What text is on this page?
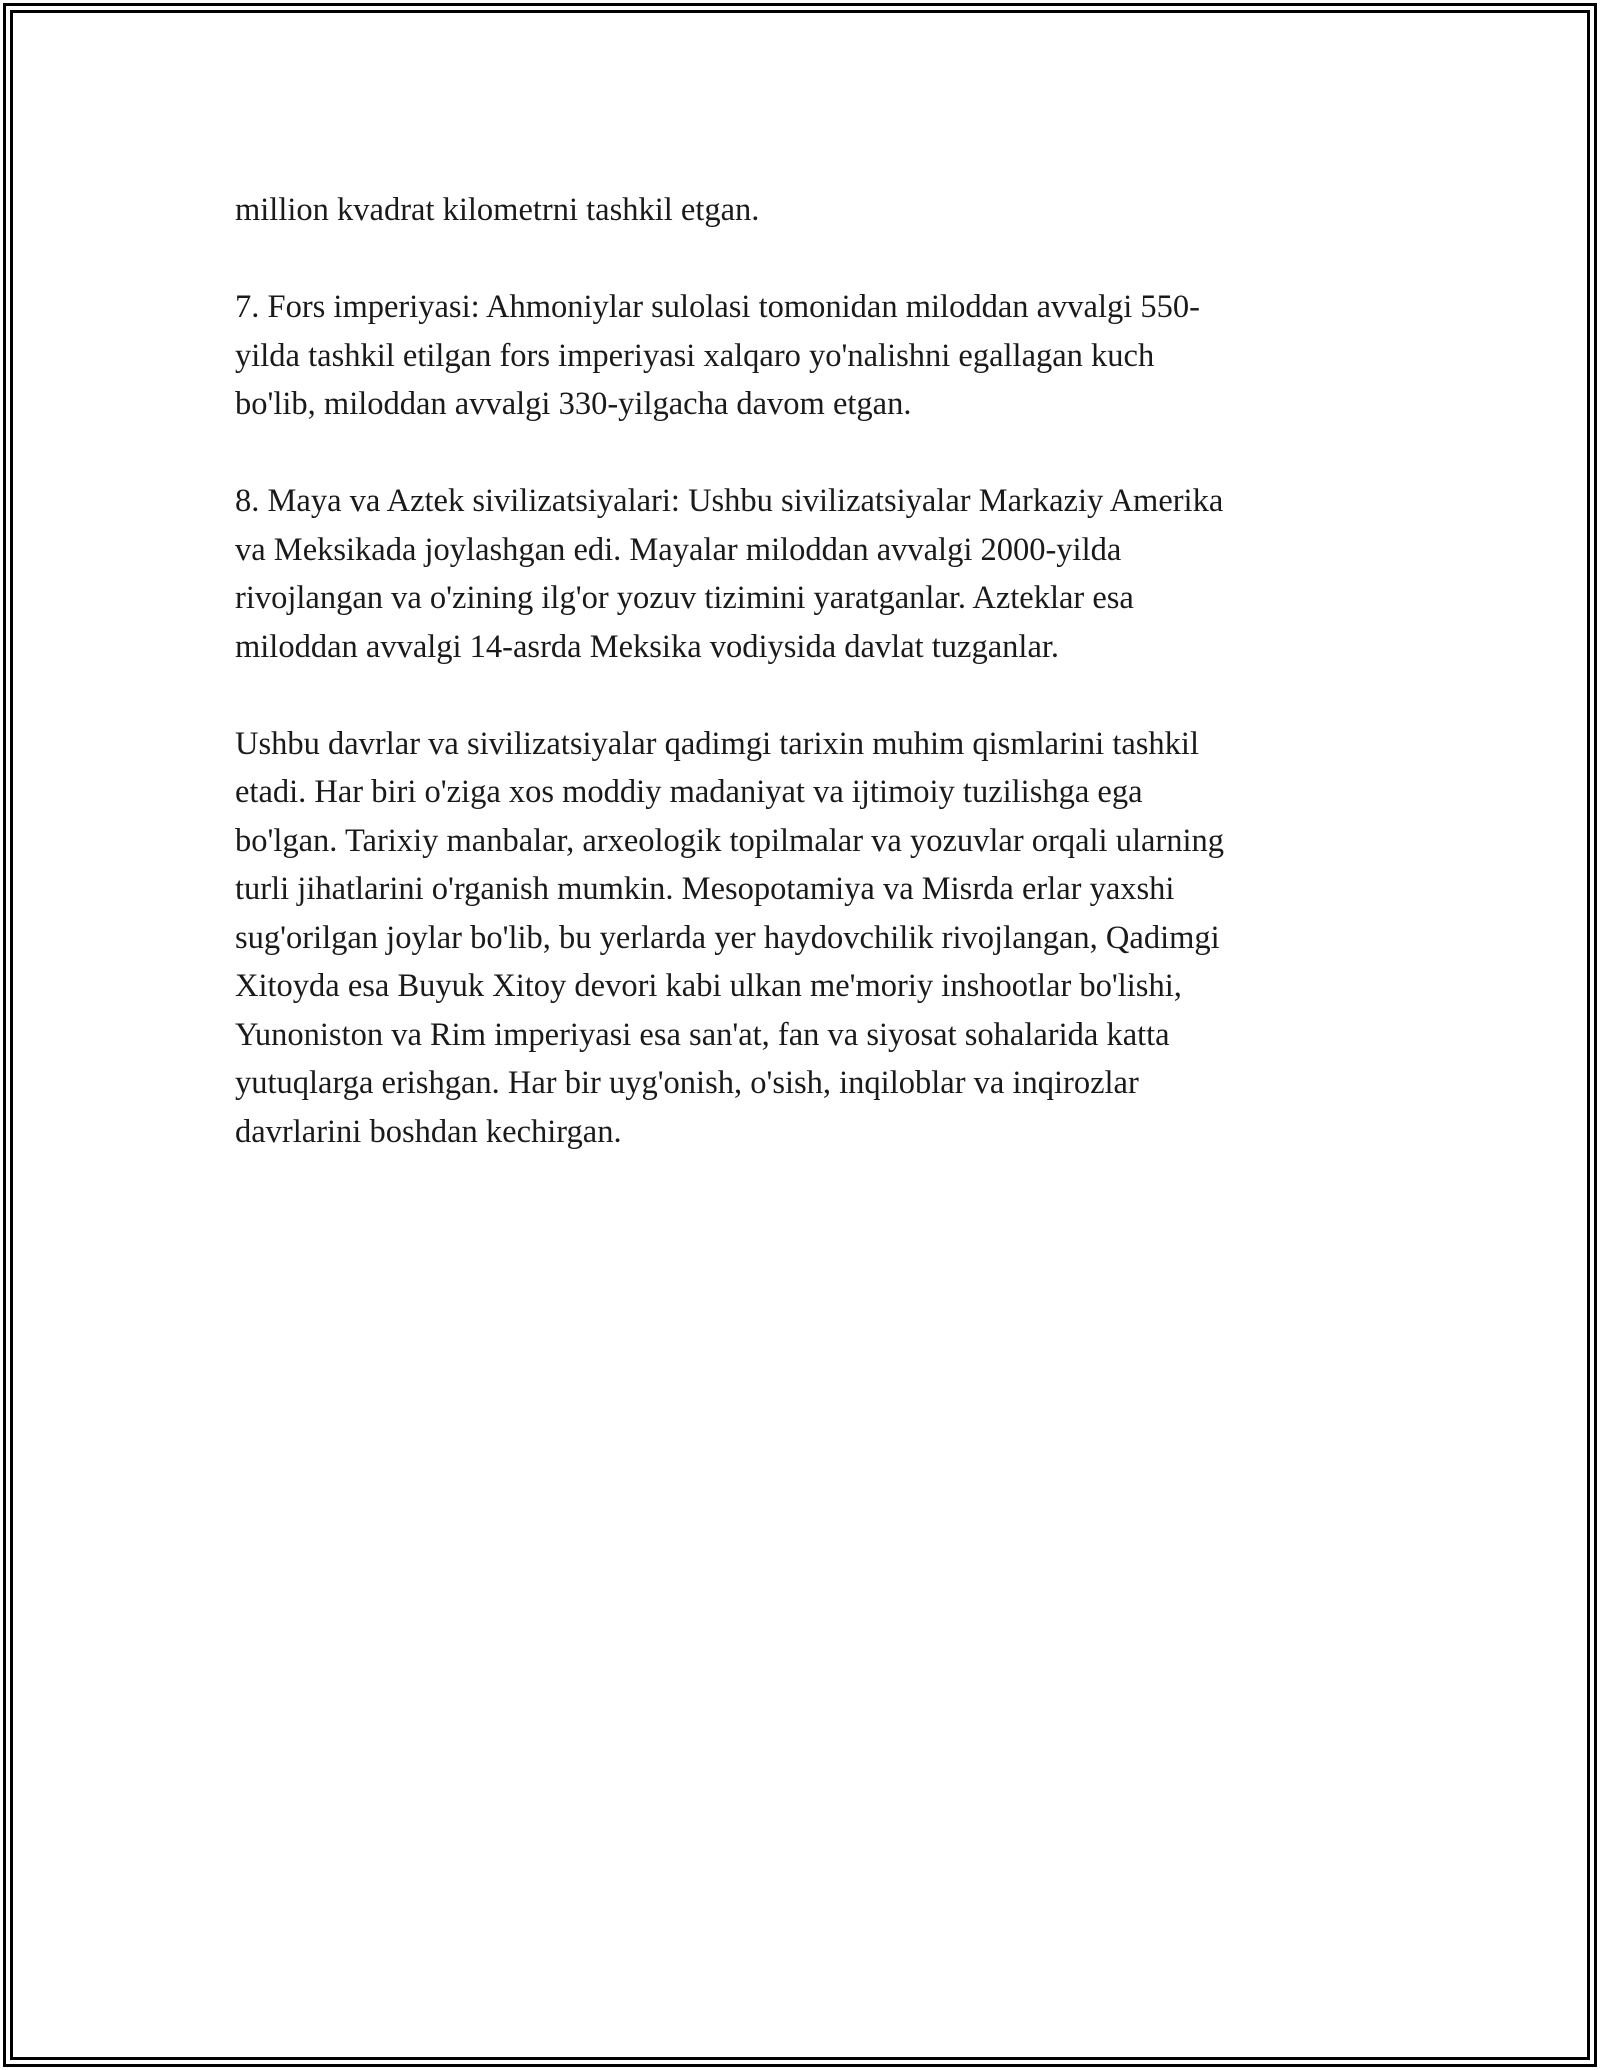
million kvadrat kilometrni tashkil etgan.

7. Fors imperiyasi: Ahmoniylar sulolasi tomonidan miloddan avvalgi 550-
yilda tashkil etilgan fors imperiyasi xalqaro yo'nalishni egallagan kuch
bo'lib, miloddan avvalgi 330-yilgacha davom etgan.

8. Maya va Aztek sivilizatsiyalari: Ushbu sivilizatsiyalar Markaziy Amerika
va Meksikada joylashgan edi. Mayalar miloddan avvalgi 2000-yilda
rivojlangan va o'zining ilg'or yozuv tizimini yaratganlar. Azteklar esa
miloddan avvalgi 14-asrda Meksika vodiysida davlat tuzganlar.

Ushbu davrlar va sivilizatsiyalar qadimgi tarixin muhim qismlarini tashkil
etadi. Har biri o'ziga xos moddiy madaniyat va ijtimoiy tuzilishga ega
bo'lgan. Tarixiy manbalar, arxeologik topilmalar va yozuvlar orqali ularning
turli jihatlarini o'rganish mumkin. Mesopotamiya va Misrda erlar yaxshi
sug'orilgan joylar bo'lib, bu yerlarda yer haydovchilik rivojlangan, Qadimgi
Xitoyda esa Buyuk Xitoy devori kabi ulkan me'moriy inshootlar bo'lishi,
Yunoniston va Rim imperiyasi esa san'at, fan va siyosat sohalarida katta
yutuqlarga erishgan. Har bir uyg'onish, o'sish, inqiloblar va inqirozlar
davrlarini boshdan kechirgan.
